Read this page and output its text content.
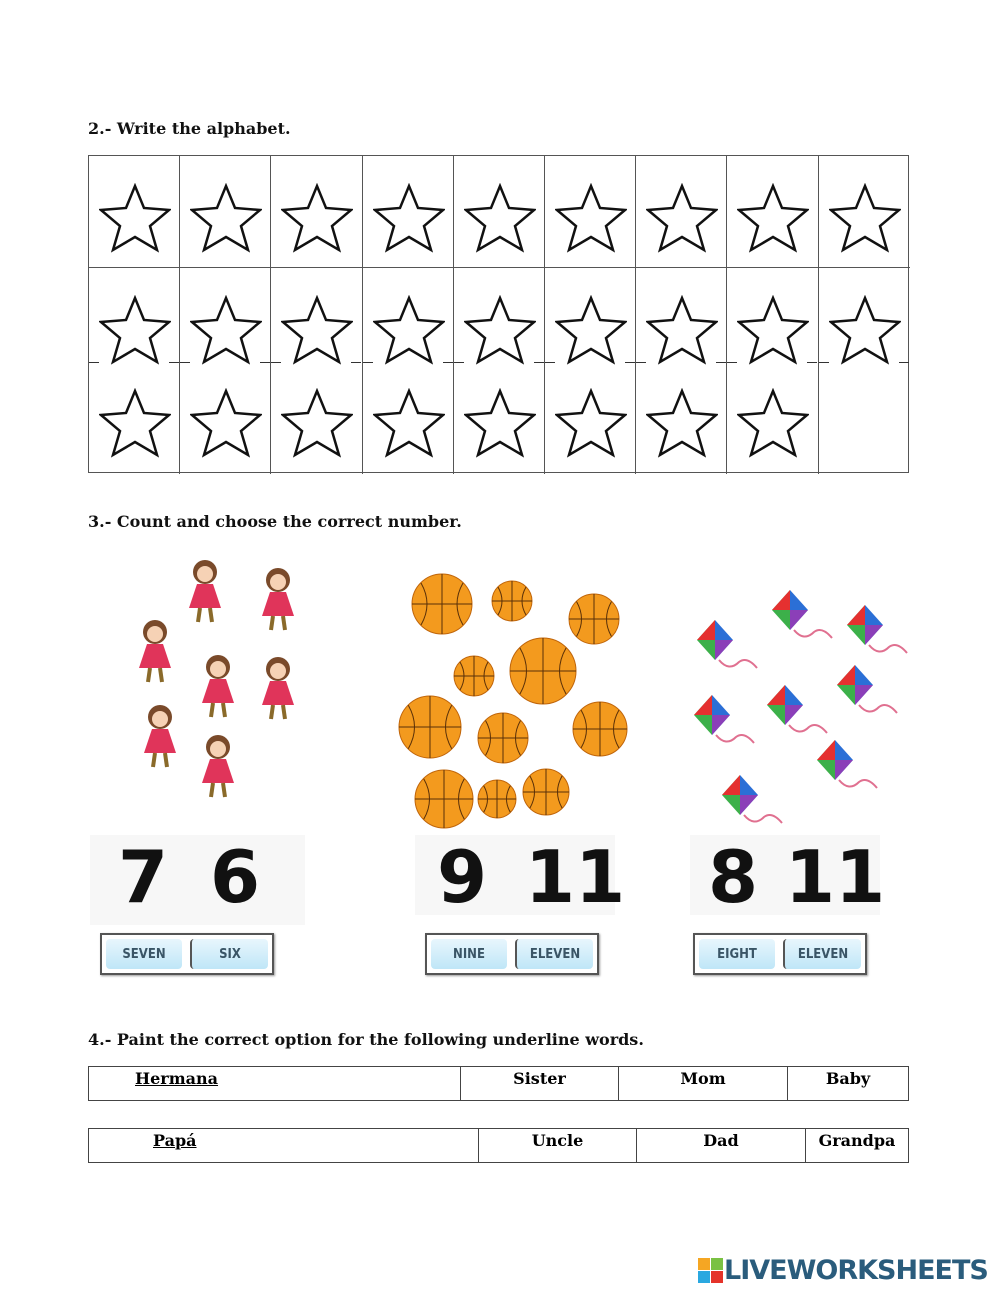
2.- Write the alphabet.
3.- Count and choose the correct number.
7 6 9 11 8 11
SEVEN	SIX	NINE	ELEVEN	EIGHT	ELEVEN
4.- Paint the correct option for the following underline words.
Hermana	Sister	Mom	Baby
Papá	Uncle	Dad	Grandpa
LIVEWORKSHEETS
